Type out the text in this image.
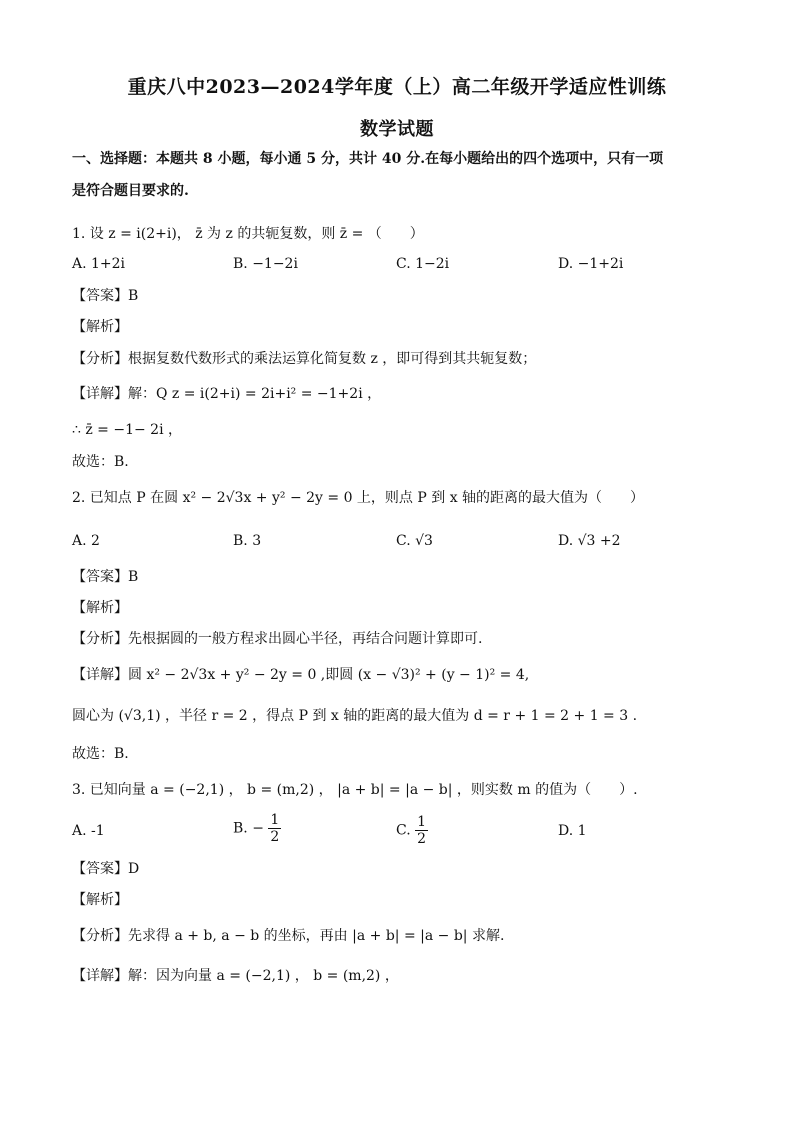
重庆八中2023—2024学年度（上）高二年级开学适应性训练
数学试题
一、选择题：本题共 8 小题，每小通 5 分，共计 40 分.在每小题给出的四个选项中，只有一项
是符合题目要求的.
1. 设 z = i(2+i)， z̄ 为 z 的共轭复数，则 z̄ = （　　）
A. 1+2i	B. −1−2i	C. 1−2i	D. −1+2i
【答案】B
【解析】
【分析】根据复数代数形式的乘法运算化简复数 z ，即可得到其共轭复数；
【详解】解：Q z = i(2+i) = 2i+i² = −1+2i ，
∴ z̄ = −1− 2i ，
故选：B.
2. 已知点 P 在圆 x² − 2√3x + y² − 2y = 0 上，则点 P 到 x 轴的距离的最大值为（　　）
A. 2	B. 3	C. √3	D. √3 +2
【答案】B
【解析】
【分析】先根据圆的一般方程求出圆心半径，再结合问题计算即可.
【详解】圆 x² − 2√3x + y² − 2y = 0 ,即圆 (x − √3)² + (y − 1)² = 4,
圆心为 (√3,1) ，半径 r = 2 ，得点 P 到 x 轴的距离的最大值为 d = r + 1 = 2 + 1 = 3 .
故选：B.
3. 已知向量 a = (−2,1) ， b = (m,2) ， |a + b| = |a − b| ，则实数 m 的值为（　　）.
A. -1	B. − $\frac{1}{2}$	C. $\frac{1}{2}$	D. 1
【答案】D
【解析】
【分析】先求得 a + b, a − b 的坐标，再由 |a + b| = |a − b| 求解.
【详解】解：因为向量 a = (−2,1) ， b = (m,2) ，
